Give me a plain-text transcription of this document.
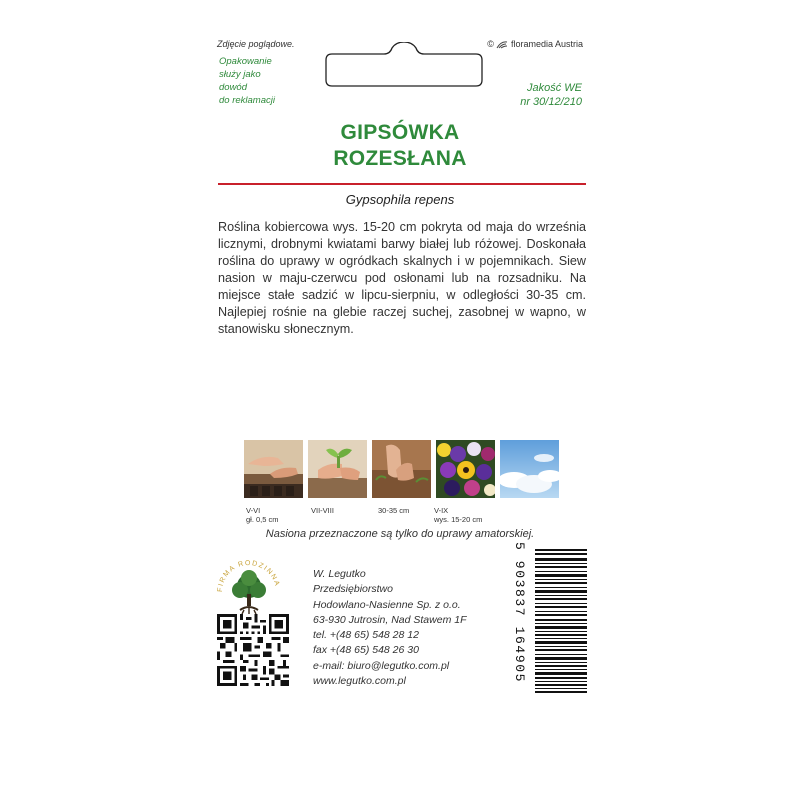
Zdjęcie poglądowe.	©  floramedia Austria
Opakowanie
służy jako
dowód
do reklamacji
Jakość WE
nr 30/12/210
GIPSÓWKA
ROZESŁANA
Gypsophila repens
Roślina kobiercowa wys. 15-20 cm pokryta od maja do września licznymi, drobnymi kwiatami barwy białej lub różowej. Doskonała roślina do uprawy w ogródkach skalnych i w pojemnikach. Siew nasion w maju-czerwcu pod osłonami lub na rozsadniku. Na miejsce stałe sadzić w lipcu-sierpniu, w odległości 30-35 cm. Najlepiej rośnie na glebie raczej suchej, zasobnej w wapno, w stanowisku słonecznym.
V-VI
gł. 0,5 cm
VII-VIII	30-35 cm	V-IX
wys. 15-20 cm
Nasiona przeznaczone są tylko do uprawy amatorskiej.
FIRMA RODZINNA
W. Legutko
Przedsiębiorstwo
Hodowlano-Nasienne Sp. z o.o.
63-930 Jutrosin, Nad Stawem 1F
tel. +(48 65) 548 28 12
fax +(48 65) 548 26 30
e-mail: biuro@legutko.com.pl
www.legutko.com.pl	5 903837 164905
